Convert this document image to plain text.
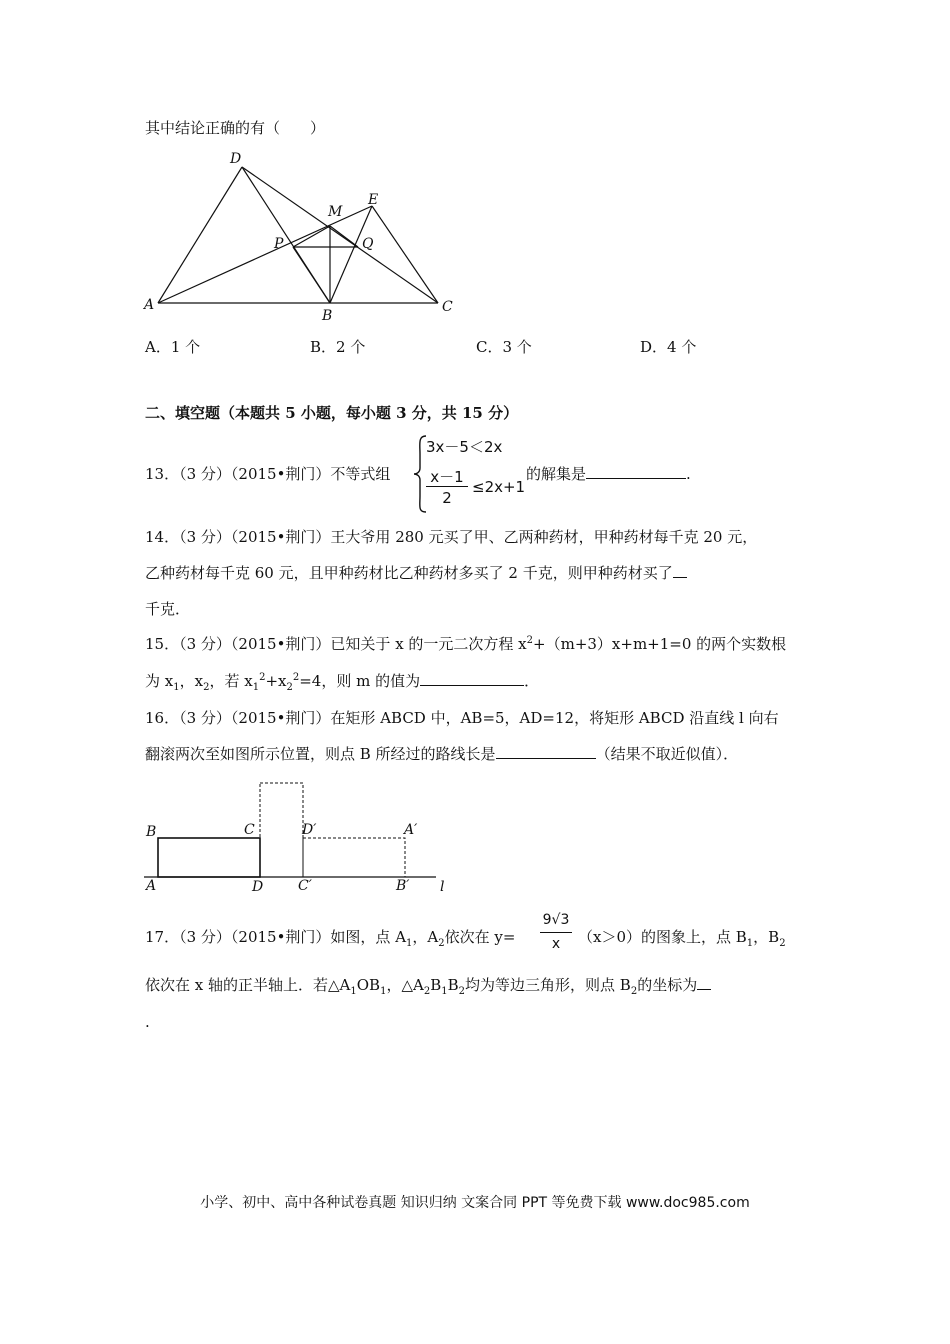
其中结论正确的有（　　）
D
E
M
P	Q
A
B
C
A．1 个	B．2 个	C．3 个	D．4 个
二、填空题（本题共 5 小题，每小题 3 分，共 15 分）
13．（3 分）（2015•荆门）不等式组
3x－5＜2x
x－1
2
≤2x+1
的解集是	.
14．（3 分）（2015•荆门）王大爷用 280 元买了甲、乙两种药材，甲种药材每千克 20 元，
乙种药材每千克 60 元，且甲种药材比乙种药材多买了 2 千克，则甲种药材买了
千克．
15．（3 分）（2015•荆门）已知关于 x 的一元二次方程 $x^2+(m+3)x+m+1=0$ 的两个实数根
为 $x_1$，$x_2$，若 $x_1^2+x_2^2=4$，则 m 的值为	．
16．（3 分）（2015•荆门）在矩形 ABCD 中，AB=5，AD=12，将矩形 ABCD 沿直线 l 向右
翻滚两次至如图所示位置，则点 B 所经过的路线长是	（结果不取近似值）．
B	C	D′	A′
A	D C′	B′ l
17．（3 分）（2015•荆门）如图，点 $A_1$，$A_2$依次在 y=
9√3
x	（x＞0）的图象上，点 $B_1$，$B_2$
依次在 x 轴的正半轴上．若$\triangle A_1OB_1$，$\triangle A_2B_1B_2$均为等边三角形，则点 $B_2$的坐标为
.
小学、初中、高中各种试卷真题 知识归纳 文案合同 PPT 等免费下载 www.doc985.com
